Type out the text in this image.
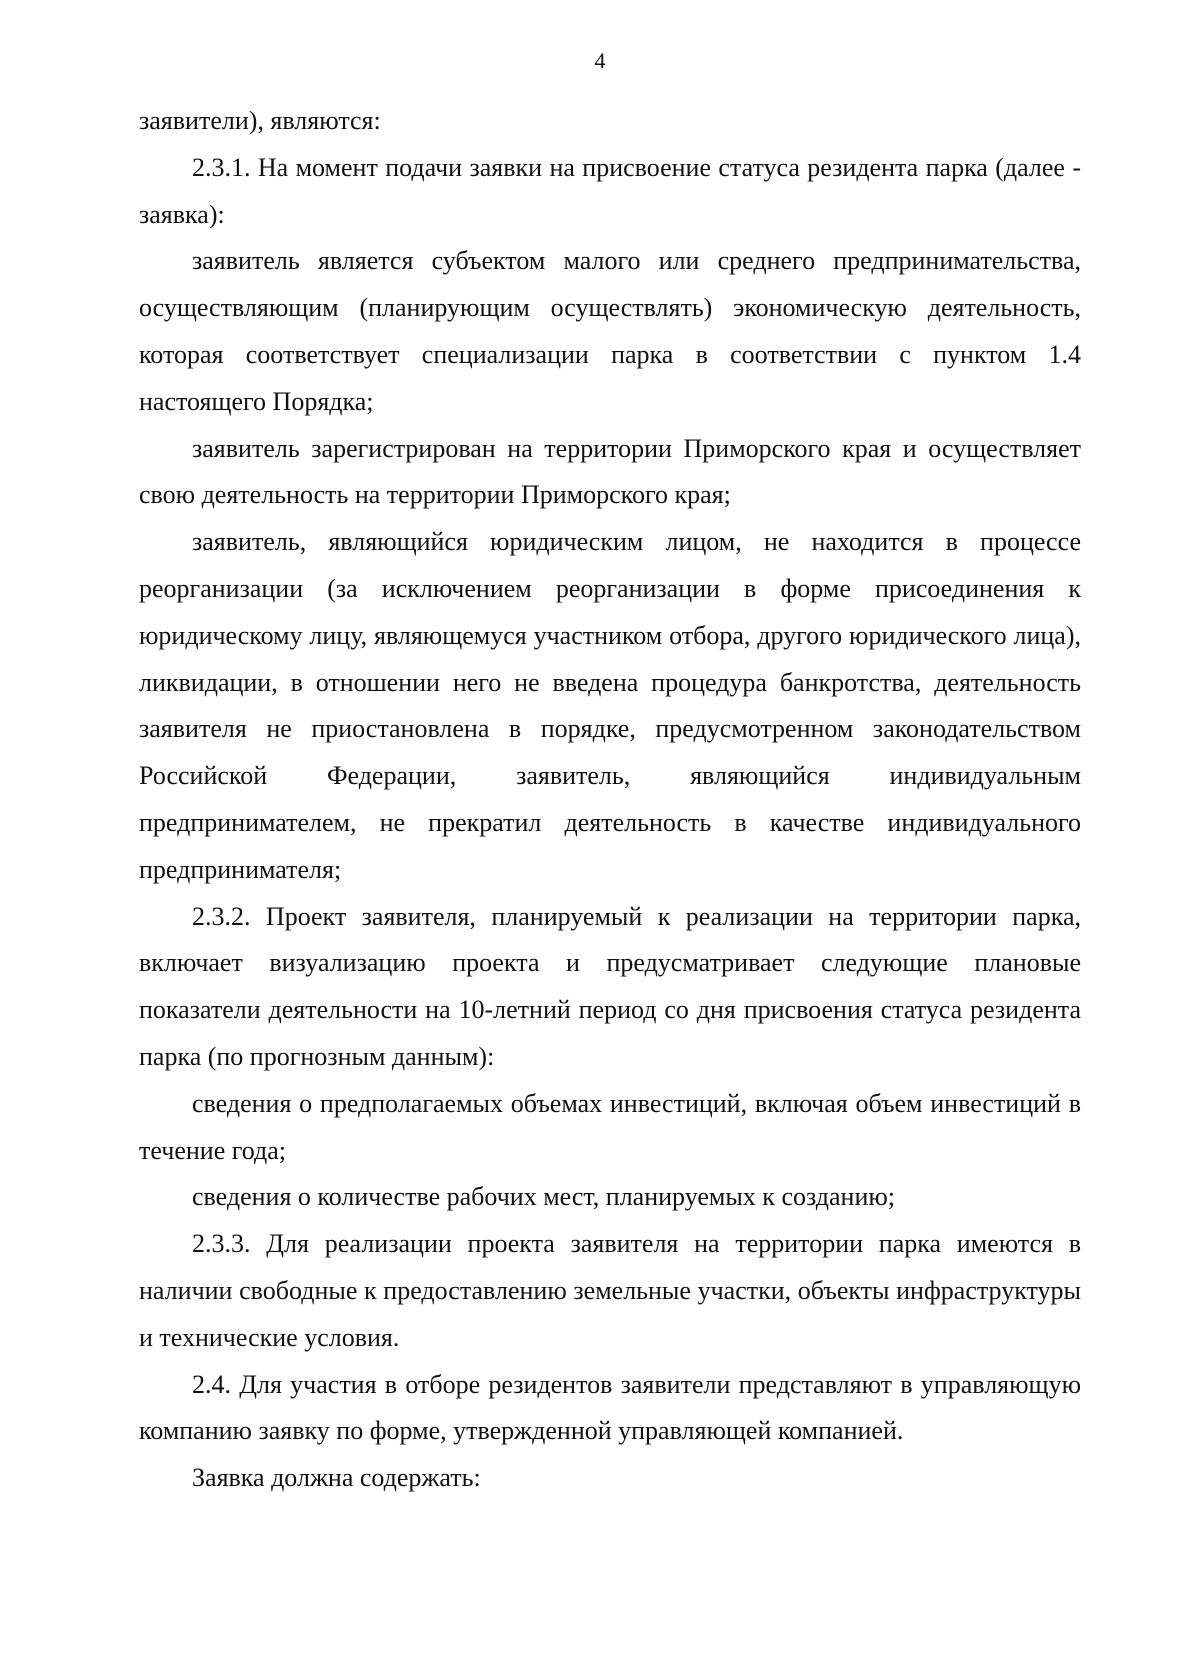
4

заявители), являются:

2.3.1. На момент подачи заявки на присвоение статуса резидента парка (далее - заявка):

заявитель является субъектом малого или среднего предпринимательства, осуществляющим (планирующим осуществлять) экономическую деятельность, которая соответствует специализации парка в соответствии с пунктом 1.4 настоящего Порядка;

заявитель зарегистрирован на территории Приморского края и осуществляет свою деятельность на территории Приморского края;

заявитель, являющийся юридическим лицом, не находится в процессе реорганизации (за исключением реорганизации в форме присоединения к юридическому лицу, являющемуся участником отбора, другого юридического лица), ликвидации, в отношении него не введена процедура банкротства, деятельность заявителя не приостановлена в порядке, предусмотренном законодательством Российской Федерации, заявитель, являющийся индивидуальным предпринимателем, не прекратил деятельность в качестве индивидуального предпринимателя;

2.3.2. Проект заявителя, планируемый к реализации на территории парка, включает визуализацию проекта и предусматривает следующие плановые показатели деятельности на 10-летний период со дня присвоения статуса резидента парка (по прогнозным данным):

сведения о предполагаемых объемах инвестиций, включая объем инвестиций в течение года;

сведения о количестве рабочих мест, планируемых к созданию;

2.3.3. Для реализации проекта заявителя на территории парка имеются в наличии свободные к предоставлению земельные участки, объекты инфраструктуры и технические условия.

2.4. Для участия в отборе резидентов заявители представляют в управляющую компанию заявку по форме, утвержденной управляющей компанией.

Заявка должна содержать:
